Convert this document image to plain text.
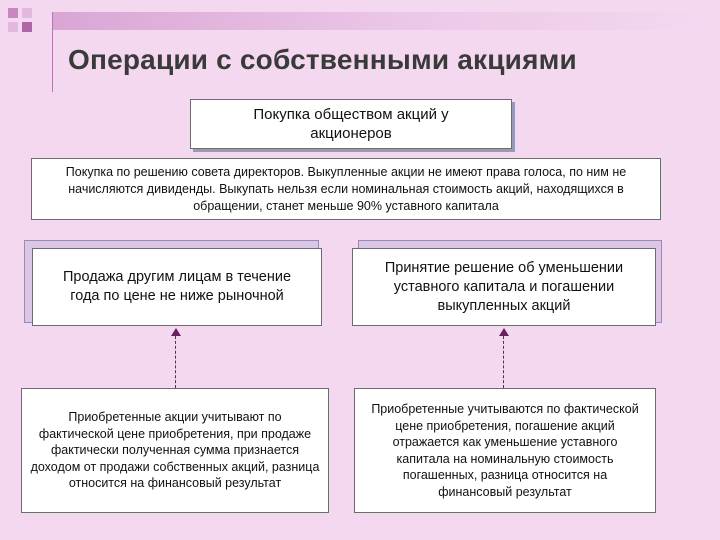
Операции с собственными акциями
Покупка обществом акций у акционеров
Покупка по решению совета директоров. Выкупленные акции не имеют права голоса, по ним не начисляются дивиденды. Выкупать нельзя если номинальная стоимость акций, находящихся в обращении, станет меньше 90% уставного капитала
Продажа другим лицам в течение года по цене не ниже рыночной
Принятие решение об уменьшении уставного капитала и погашении выкупленных акций
Приобретенные акции учитывают по фактической цене приобретения, при продаже фактически полученная сумма признается доходом от продажи собственных акций, разница относится на финансовый результат
Приобретенные учитываются по фактической цене приобретения, погашение акций отражается как уменьшение уставного капитала на номинальную стоимость погашенных, разница относится на финансовый результат
